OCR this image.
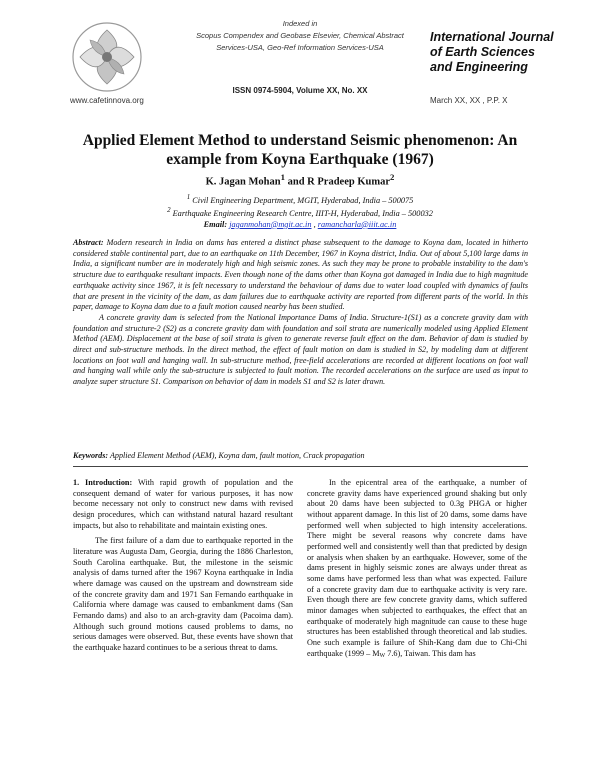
www.cafetinnova.org
Indexed in
Scopus Compendex and Geobase Elsevier, Chemical Abstract
Services-USA, Geo-Ref Information Services-USA
ISSN 0974-5904, Volume XX, No. XX
International Journal
of Earth Sciences
and Engineering
March XX, XX , P.P. X
Applied Element Method to understand Seismic phenomenon: An
example from Koyna Earthquake (1967)
K. Jagan Mohan$^1$ and R Pradeep Kumar$^2$
$^1$ Civil Engineering Department, MGIT, Hyderabad, India – 500075
$^2$ Earthquake Engineering Research Centre, IIIT-H, Hyderabad, India – 500032
Email: jaganmohan@mgit.ac.in , ramancharla@iiit.ac.in

Abstract: Modern research in India on dams has entered a distinct phase subsequent to the damage to Koyna dam, located in hitherto considered stable continental part, due to an earthquake on 11th December, 1967 in Koyna district, India. Out of about 5,100 large dams in India, a significant number are in moderately high and high seismic zones. As such they may be prone to probable instability to the dam's structure due to earthquake resultant impacts. Even though none of the dams other than Koyna got damaged in India due to high magnitude earthquake activity since 1967, it is felt necessary to understand the behaviour of dams due to water load coupled with dynamics of faults that are present in the vicinity of the dam, as dam failures due to earthquake activity are reported from different parts of the world. In this paper, damage to Koyna dam due to a fault motion caused nearby has been studied.

A concrete gravity dam is selected from the National Importance Dams of India. Structure-1(S1) as a concrete gravity dam with foundation and structure-2 (S2) as a concrete gravity dam with foundation and soil strata are numerically modeled using Applied Element Method (AEM). Displacement at the base of soil strata is given to generate reverse fault effect on the dam. Behavior of dam is studied by direct and sub-structure methods. In the direct method, the effect of fault motion on dam is studied in S2, by modeling dam at different locations on foot wall and hanging wall. In sub-structure method, free-field accelerations are recorded at different locations on foot wall and hanging wall while only the sub-structure is subjected to fault motion. The recorded accelerations on the surface are used as input to analyze super structure S1. Comparison on behavior of dam in models S1 and S2 is later drawn.

Keywords: Applied Element Method (AEM), Koyna dam, fault motion, Crack propagation

1. Introduction: With rapid growth of population and the consequent demand of water for various purposes, it has now become necessary not only to construct new dams with revised design procedures, which can withstand natural hazard resultant impacts, but also to rehabilitate and maintain existing ones.

The first failure of a dam due to earthquake reported in the literature was Augusta Dam, Georgia, during the 1886 Charleston, South Carolina earthquake. But, the milestone in the seismic analysis of dams turned after the 1967 Koyna earthquake in India where damage was caused on the upstream and downstream side of the concrete gravity dam and 1971 San Fernando earthquake in California where damage was caused to embankment dams (San Fernando dams) and also to an arch-gravity dam (Pacoima dam). Although such ground motions caused problems to dams, no serious damages were observed. But, these events have shown that the earthquake hazard continues to be a serious threat to dams.

In the epicentral area of the earthquake, a number of concrete gravity dams have experienced ground shaking but only about 20 dams have been subjected to 0.3g PHGA or higher without apparent damage. In this list of 20 dams, some dams have performed well when subjected to high intensity accelerations. There might be several reasons why concrete dams have performed well and consistently well than that predicted by design or analysis when shaken by an earthquake. However, some of the dams present in highly seismic zones are always under threat as some dams have performed less than what was expected. Failure of a concrete gravity dam due to earthquake activity is very rare. Even though there are few concrete gravity dams, which suffered minor damages when subjected to earthquakes, the effect that an earthquake of moderately high magnitude can cause to these huge structures has been established through theoretical and lab studies. One such example is failure of Shih-Kang dam due to Chi-Chi earthquake (1999 – MW 7.6), Taiwan. This dam has
